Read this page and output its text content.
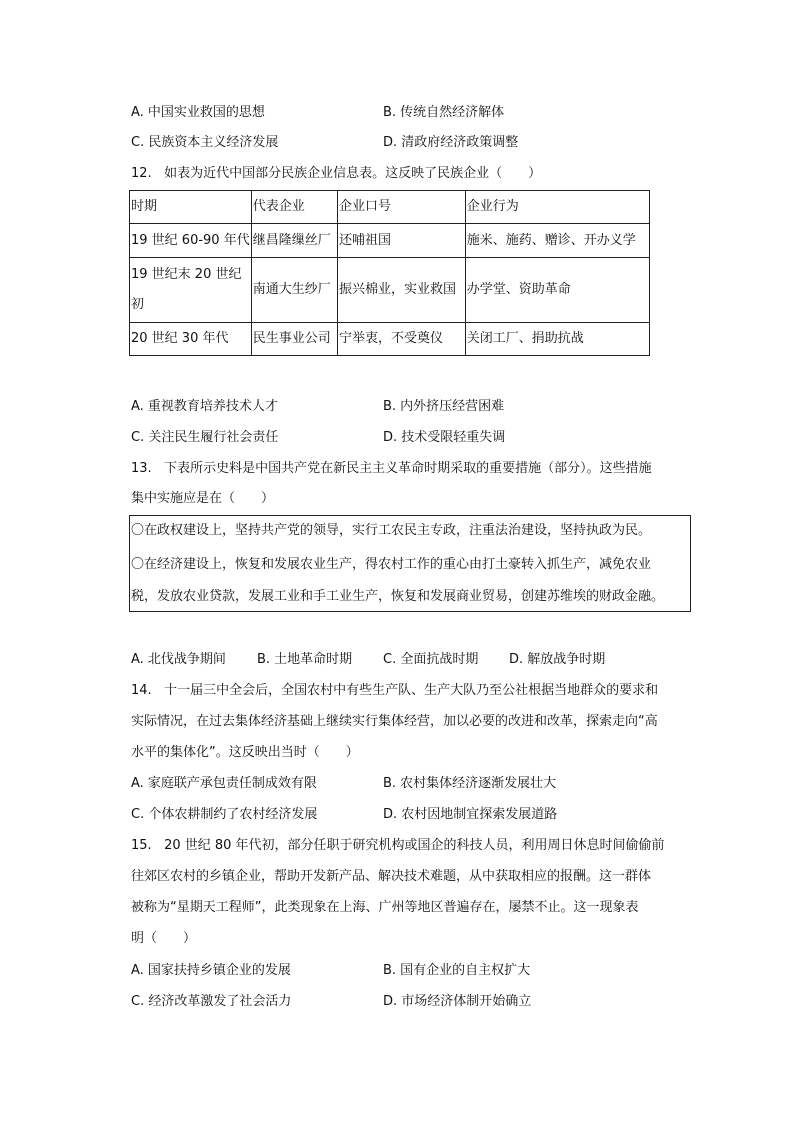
A. 中国实业救国的思想	B. 传统自然经济解体
C. 民族资本主义经济发展	D. 清政府经济政策调整
12.   如表为近代中国部分民族企业信息表。这反映了民族企业（　　）
时期	代表企业	企业口号	企业行为
19 世纪 60-90 年代	继昌隆缫丝厂	还哺祖国	施米、施药、赠诊、开办义学

19 世纪末 20 世纪
初	南通大生纱厂	振兴棉业，实业救国	办学堂、资助革命
20 世纪 30 年代	民生事业公司	宁举衷，不受奠仪	关闭工厂、捐助抗战
A. 重视教育培养技术人才	B. 内外挤压经营困难
C. 关注民生履行社会责任	D. 技术受限轻重失调
13.   下表所示史料是中国共产党在新民主主义革命时期采取的重要措施（部分）。这些措施
集中实施应是在（　　）
〇在政权建设上，坚持共产党的领导，实行工农民主专政，注重法治建设，坚持执政为民。
〇在经济建设上，恢复和发展农业生产，得农村工作的重心由打土豪转入抓生产，减免农业
税，发放农业贷款，发展工业和手工业生产，恢复和发展商业贸易，创建苏维埃的财政金融。
A. 北伐战争期间 B. 土地革命时期 C. 全面抗战时期 D. 解放战争时期
14.   十一届三中全会后，全国农村中有些生产队、生产大队乃至公社根据当地群众的要求和
实际情况，在过去集体经济基础上继续实行集体经营，加以必要的改进和改革，探索走向“高
水平的集体化”。这反映出当时（　　）
A. 家庭联产承包责任制成效有限	B. 农村集体经济逐渐发展壮大
C. 个体农耕制约了农村经济发展	D. 农村因地制宜探索发展道路
15.   20 世纪 80 年代初，部分任职于研究机构或国企的科技人员，利用周日休息时间偷偷前
往郊区农村的乡镇企业，帮助开发新产品、解决技术难题，从中获取相应的报酬。这一群体
被称为“星期天工程师”，此类现象在上海、广州等地区普遍存在，屡禁不止。这一现象表
明（　　）
A. 国家扶持乡镇企业的发展	B. 国有企业的自主权扩大
C. 经济改革激发了社会活力	D. 市场经济体制开始确立
